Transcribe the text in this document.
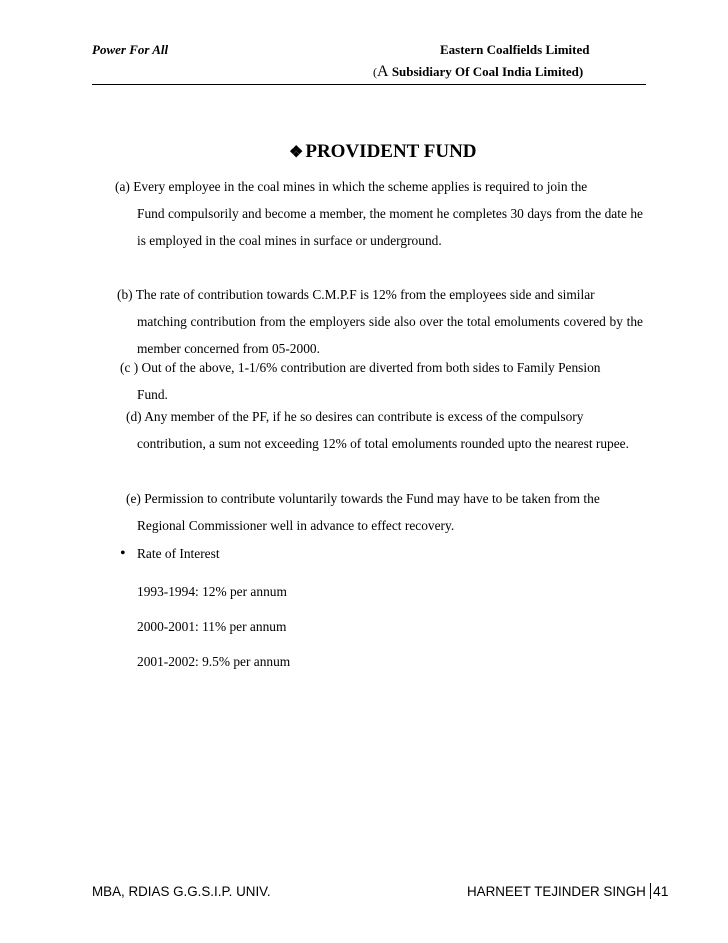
Power For All	Eastern Coalfields Limited
(A Subsidiary Of Coal India Limited)
❖ PROVIDENT FUND
(a) Every employee in the coal mines in which the scheme applies is required to join the
Fund compulsorily and become a member, the moment he completes 30 days from the date he is employed in the coal mines in surface or underground.
(b) The rate of contribution towards C.M.P.F is 12% from the employees side and similar
matching contribution from the employers side also over the total emoluments covered by the member concerned from 05-2000.
(c ) Out of the above, 1-1/6% contribution are diverted from both sides to Family Pension
Fund.
(d) Any member of the PF, if he so desires can contribute is excess of the compulsory
contribution, a sum not exceeding 12% of total emoluments rounded upto the nearest rupee.
(e) Permission to contribute voluntarily towards the Fund may have to be taken from the
Regional Commissioner well in advance to effect recovery.
• Rate of Interest
1993-1994: 12% per annum
2000-2001: 11% per annum
2001-2002: 9.5% per annum
MBA, RDIAS G.G.S.I.P. UNIV.	HARNEET TEJINDER SINGH 41
